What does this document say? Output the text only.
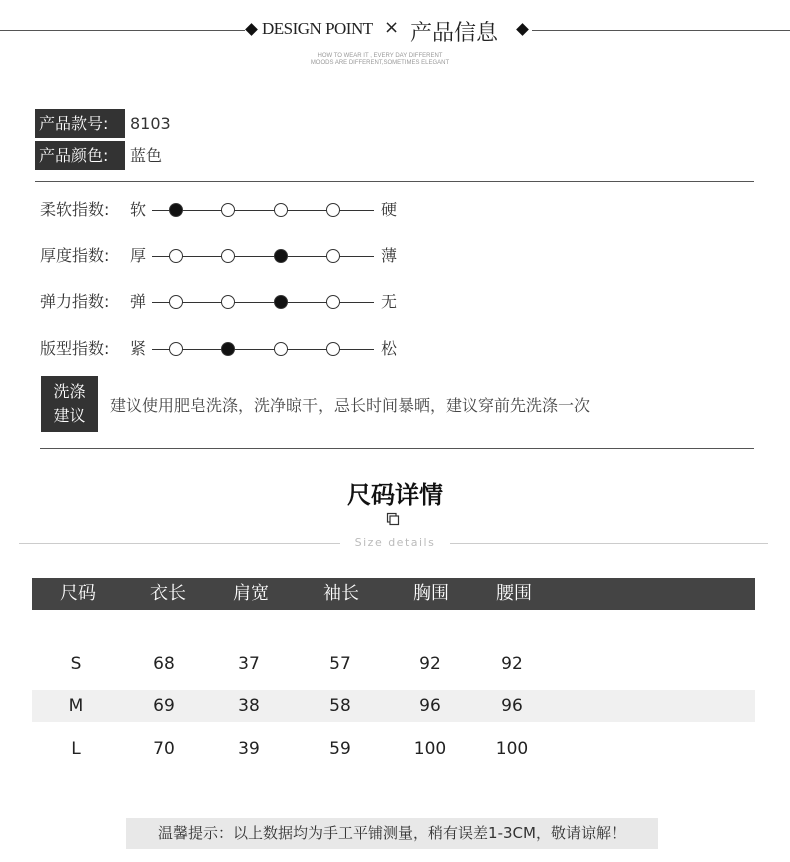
DESIGN POINT × 产品信息
HOW TO WEAR IT , EVERY DAY DIFFERENT
MOODS ARE DIFFERENT,SOMETIMES ELEGANT
产品款号:	8103
产品颜色:	蓝色
柔软指数: 软	硬
厚度指数: 厚	薄
弹力指数: 弹	无
版型指数: 紧	松
洗涤
建议
建议使用肥皂洗涤，洗净晾干，忌长时间暴晒，建议穿前先洗涤一次
尺码详情
Size details
尺码	衣长	肩宽	袖长	胸围	腰围
S	68	37	57	92	92
M	69	38	58	96	96
L	70	39	59	100	100
温馨提示：以上数据均为手工平铺测量，稍有误差1-3CM，敬请谅解！
